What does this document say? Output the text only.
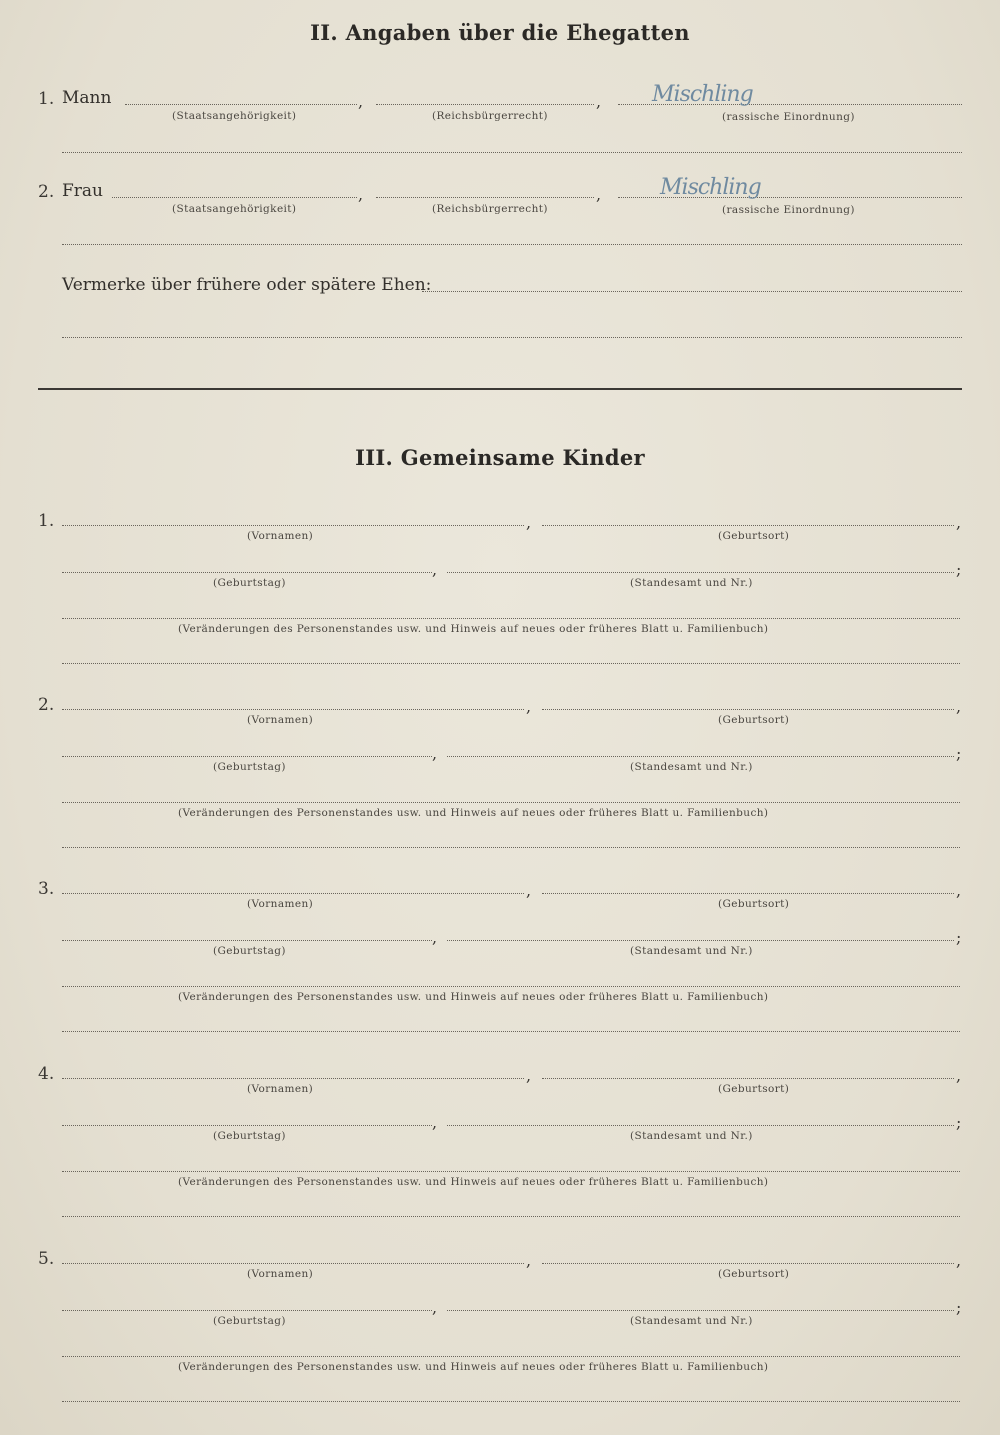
II. Angaben über die Ehegatten
1. Mann	,	, Mischling
(Staatsangehörigkeit)	(Reichsbürgerrecht)	(rassische Einordnung)
2. Frau	,	,	Mischling
(Staatsangehörigkeit)	(Reichsbürgerrecht)	(rassische Einordnung)
Vermerke über frühere oder spätere Ehen:
III. Gemeinsame Kinder
1.	,	,
(Vornamen)	(Geburtsort)
,	;
(Geburtstag)	(Standesamt und Nr.)
(Veränderungen des Personenstandes usw. und Hinweis auf neues oder früheres Blatt u. Familienbuch)
2.	,	,
(Vornamen)	(Geburtsort)
,	;
(Geburtstag)	(Standesamt und Nr.)
(Veränderungen des Personenstandes usw. und Hinweis auf neues oder früheres Blatt u. Familienbuch)
3.	,	,
(Vornamen)	(Geburtsort)
,	;
(Geburtstag)	(Standesamt und Nr.)
(Veränderungen des Personenstandes usw. und Hinweis auf neues oder früheres Blatt u. Familienbuch)
4.	,	,
(Vornamen)	(Geburtsort)
,	;
(Geburtstag)	(Standesamt und Nr.)
(Veränderungen des Personenstandes usw. und Hinweis auf neues oder früheres Blatt u. Familienbuch)
5.	,	,
(Vornamen)	(Geburtsort)
,	;
(Geburtstag)	(Standesamt und Nr.)
(Veränderungen des Personenstandes usw. und Hinweis auf neues oder früheres Blatt u. Familienbuch)
